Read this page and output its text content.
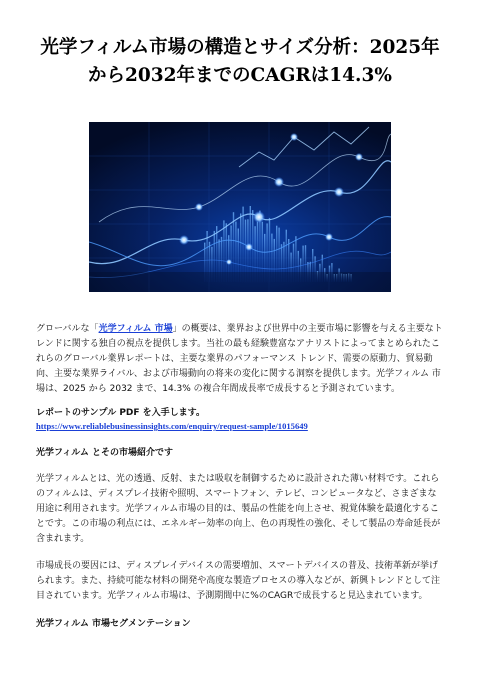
光学フィルム市場の構造とサイズ分析：2025年
から2032年までのCAGRは14.3%

グローバルな「光学フィルム 市場」の概要は、業界および世界中の主要市場に影響を与える主要なトレンドに関する独自の視点を提供します。当社の最も経験豊富なアナリストによってまとめられたこれらのグローバル業界レポートは、主要な業界のパフォーマンス トレンド、需要の原動力、貿易動向、主要な業界ライバル、および市場動向の将来の変化に関する洞察を提供します。光学フィルム 市場は、2025 から 2032 まで、14.3% の複合年間成長率で成長すると予測されています。

レポートのサンプル PDF を入手します。
https://www.reliablebusinessinsights.com/enquiry/request-sample/1015649
光学フィルム とその市場紹介です

光学フィルムとは、光の透過、反射、または吸収を制御するために設計された薄い材料です。これらのフィルムは、ディスプレイ技術や照明、スマートフォン、テレビ、コンピュータなど、さまざまな用途に利用されます。光学フィルム市場の目的は、製品の性能を向上させ、視覚体験を最適化することです。この市場の利点には、エネルギー効率の向上、色の再現性の強化、そして製品の寿命延長が含まれます。

市場成長の要因には、ディスプレイデバイスの需要増加、スマートデバイスの普及、技術革新が挙げられます。また、持続可能な材料の開発や高度な製造プロセスの導入などが、新興トレンドとして注目されています。光学フィルム市場は、予測期間中に%のCAGRで成長すると見込まれています。

光学フィルム 市場セグメンテーション
